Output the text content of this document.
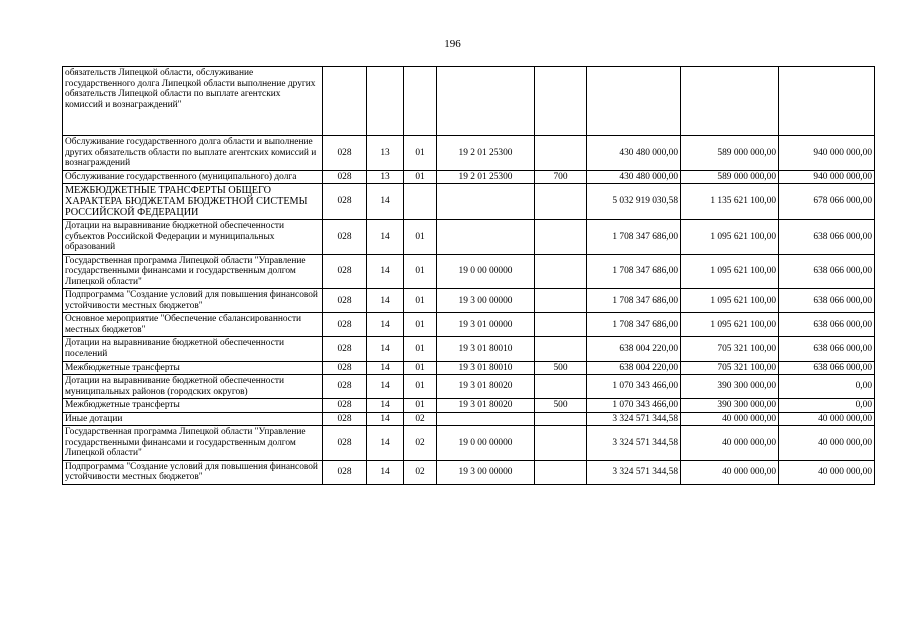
196
обязательств Липецкой области, обслуживание государственного долга Липецкой области выполнение других обязательств Липецкой области по выплате агентских комиссий и вознаграждений"								
Обслуживание государственного долга области и выполнение других обязательств области по выплате агентских комиссий и вознаграждений	028	13	01	19 2 01 25300		430 480 000,00	589 000 000,00	940 000 000,00
Обслуживание государственного (муниципального) долга	028	13	01	19 2 01 25300	700	430 480 000,00	589 000 000,00	940 000 000,00
МЕЖБЮДЖЕТНЫЕ ТРАНСФЕРТЫ ОБЩЕГО ХАРАКТЕРА БЮДЖЕТАМ БЮДЖЕТНОЙ СИСТЕМЫ РОССИЙСКОЙ ФЕДЕРАЦИИ	028	14				5 032 919 030,58	1 135 621 100,00	678 066 000,00
Дотации на выравнивание бюджетной обеспеченности субъектов Российской Федерации и муниципальных образований	028	14	01			1 708 347 686,00	1 095 621 100,00	638 066 000,00
Государственная программа Липецкой области "Управление государственными финансами и государственным долгом Липецкой области"	028	14	01	19 0 00 00000		1 708 347 686,00	1 095 621 100,00	638 066 000,00
Подпрограмма "Создание условий для повышения финансовой устойчивости местных бюджетов"	028	14	01	19 3 00 00000		1 708 347 686,00	1 095 621 100,00	638 066 000,00
Основное мероприятие "Обеспечение сбалансированности местных бюджетов"	028	14	01	19 3 01 00000		1 708 347 686,00	1 095 621 100,00	638 066 000,00
Дотации на выравнивание бюджетной обеспеченности поселений	028	14	01	19 3 01 80010		638 004 220,00	705 321 100,00	638 066 000,00
Межбюджетные трансферты	028	14	01	19 3 01 80010	500	638 004 220,00	705 321 100,00	638 066 000,00
Дотации на выравнивание бюджетной обеспеченности муниципальных районов (городских округов)	028	14	01	19 3 01 80020		1 070 343 466,00	390 300 000,00	0,00
Межбюджетные трансферты	028	14	01	19 3 01 80020	500	1 070 343 466,00	390 300 000,00	0,00
Иные дотации	028	14	02			3 324 571 344,58	40 000 000,00	40 000 000,00
Государственная программа Липецкой области "Управление государственными финансами и государственным долгом Липецкой области"	028	14	02	19 0 00 00000		3 324 571 344,58	40 000 000,00	40 000 000,00
Подпрограмма "Создание условий для повышения финансовой устойчивости местных бюджетов"	028	14	02	19 3 00 00000		3 324 571 344,58	40 000 000,00	40 000 000,00
